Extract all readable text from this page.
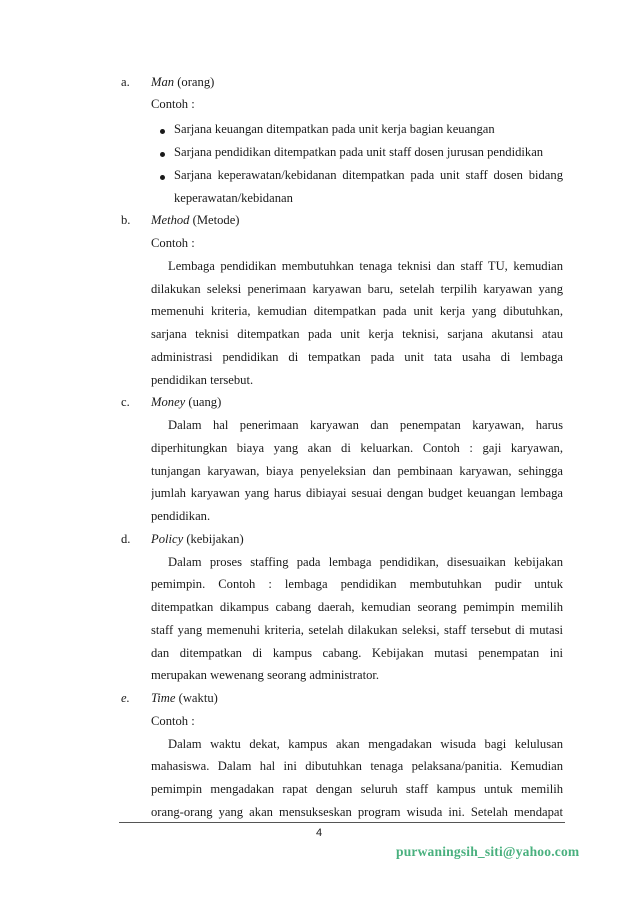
a. Man (orang)
Contoh :
Sarjana keuangan ditempatkan pada unit kerja bagian keuangan
Sarjana pendidikan ditempatkan pada unit staff dosen jurusan pendidikan
Sarjana keperawatan/kebidanan ditempatkan pada unit staff dosen bidang
keperawatan/kebidanan
b. Method (Metode)
Contoh :
Lembaga pendidikan membutuhkan tenaga teknisi dan staff TU, kemudian
dilakukan seleksi penerimaan karyawan baru, setelah terpilih karyawan yang
memenuhi kriteria, kemudian ditempatkan pada unit kerja yang dibutuhkan,
sarjana teknisi ditempatkan pada unit kerja teknisi, sarjana akutansi atau
administrasi pendidikan di tempatkan pada unit tata usaha di lembaga
pendidikan tersebut.
c. Money (uang)
Dalam hal penerimaan karyawan dan penempatan karyawan, harus
diperhitungkan biaya yang akan di keluarkan. Contoh : gaji karyawan,
tunjangan karyawan, biaya penyeleksian dan pembinaan karyawan, sehingga
jumlah karyawan yang harus dibiayai sesuai dengan budget keuangan lembaga
pendidikan.
d. Policy (kebijakan)
Dalam proses staffing pada lembaga pendidikan, disesuaikan kebijakan
pemimpin. Contoh : lembaga pendidikan membutuhkan pudir untuk
ditempatkan dikampus cabang daerah, kemudian seorang pemimpin memilih
staff yang memenuhi kriteria, setelah dilakukan seleksi, staff tersebut di mutasi
dan ditempatkan di kampus cabang. Kebijakan mutasi penempatan ini
merupakan wewenang seorang administrator.
e. Time (waktu)
Contoh :
Dalam waktu dekat, kampus akan mengadakan wisuda bagi kelulusan
mahasiswa. Dalam hal ini dibutuhkan tenaga pelaksana/panitia. Kemudian
pemimpin mengadakan rapat dengan seluruh staff kampus untuk memilih
orang-orang yang akan mensukseskan program wisuda ini. Setelah mendapat
4
purwaningsih_siti@yahoo.com
